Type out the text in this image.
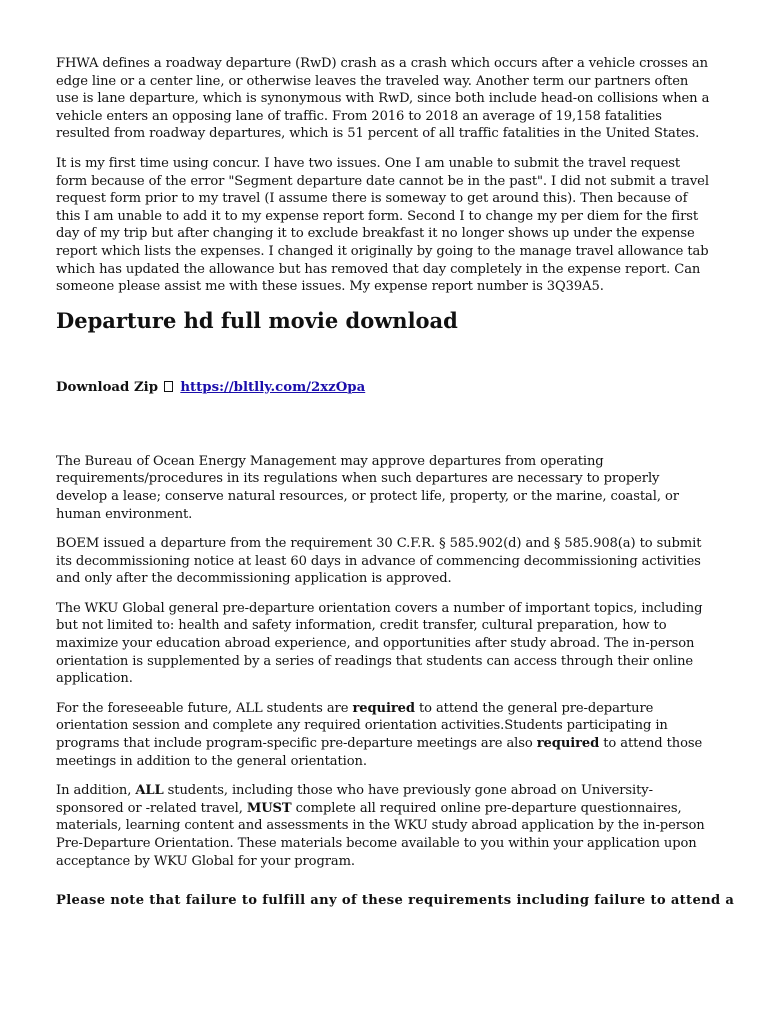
FHWA defines a roadway departure (RwD) crash as a crash which occurs after a vehicle crosses an edge line or a center line, or otherwise leaves the traveled way. Another term our partners often use is lane departure, which is synonymous with RwD, since both include head-on collisions when a vehicle enters an opposing lane of traffic. From 2016 to 2018 an average of 19,158 fatalities resulted from roadway departures, which is 51 percent of all traffic fatalities in the United States.

It is my first time using concur. I have two issues. One I am unable to submit the travel request form because of the error "Segment departure date cannot be in the past". I did not submit a travel request form prior to my travel (I assume there is someway to get around this). Then because of this I am unable to add it to my expense report form. Second I to change my per diem for the first day of my trip but after changing it to exclude breakfast it no longer shows up under the expense report which lists the expenses. I changed it originally by going to the manage travel allowance tab which has updated the allowance but has removed that day completely in the expense report. Can someone please assist me with these issues. My expense report number is 3Q39A5.

Departure hd full movie download
Download Zip https://bltlly.com/2xzOpa

The Bureau of Ocean Energy Management may approve departures from operating requirements/procedures in its regulations when such departures are necessary to properly develop a lease; conserve natural resources, or protect life, property, or the marine, coastal, or human environment.

BOEM issued a departure from the requirement 30 C.F.R. § 585.902(d) and § 585.908(a) to submit its decommissioning notice at least 60 days in advance of commencing decommissioning activities and only after the decommissioning application is approved.

The WKU Global general pre-departure orientation covers a number of important topics, including but not limited to: health and safety information, credit transfer, cultural preparation, how to maximize your education abroad experience, and opportunities after study abroad. The in-person orientation is supplemented by a series of readings that students can access through their online application.

For the foreseeable future, ALL students are required to attend the general pre-departure orientation session and complete any required orientation activities.Students participating in programs that include program-specific pre-departure meetings are also required to attend those meetings in addition to the general orientation.

In addition, ALL students, including those who have previously gone abroad on University-sponsored or -related travel, MUST complete all required online pre-departure questionnaires, materials, learning content and assessments in the WKU study abroad application by the in-person Pre-Departure Orientation. These materials become available to you within your application upon acceptance by WKU Global for your program.

Please note that failure to fulfill any of these requirements including failure to attend a
